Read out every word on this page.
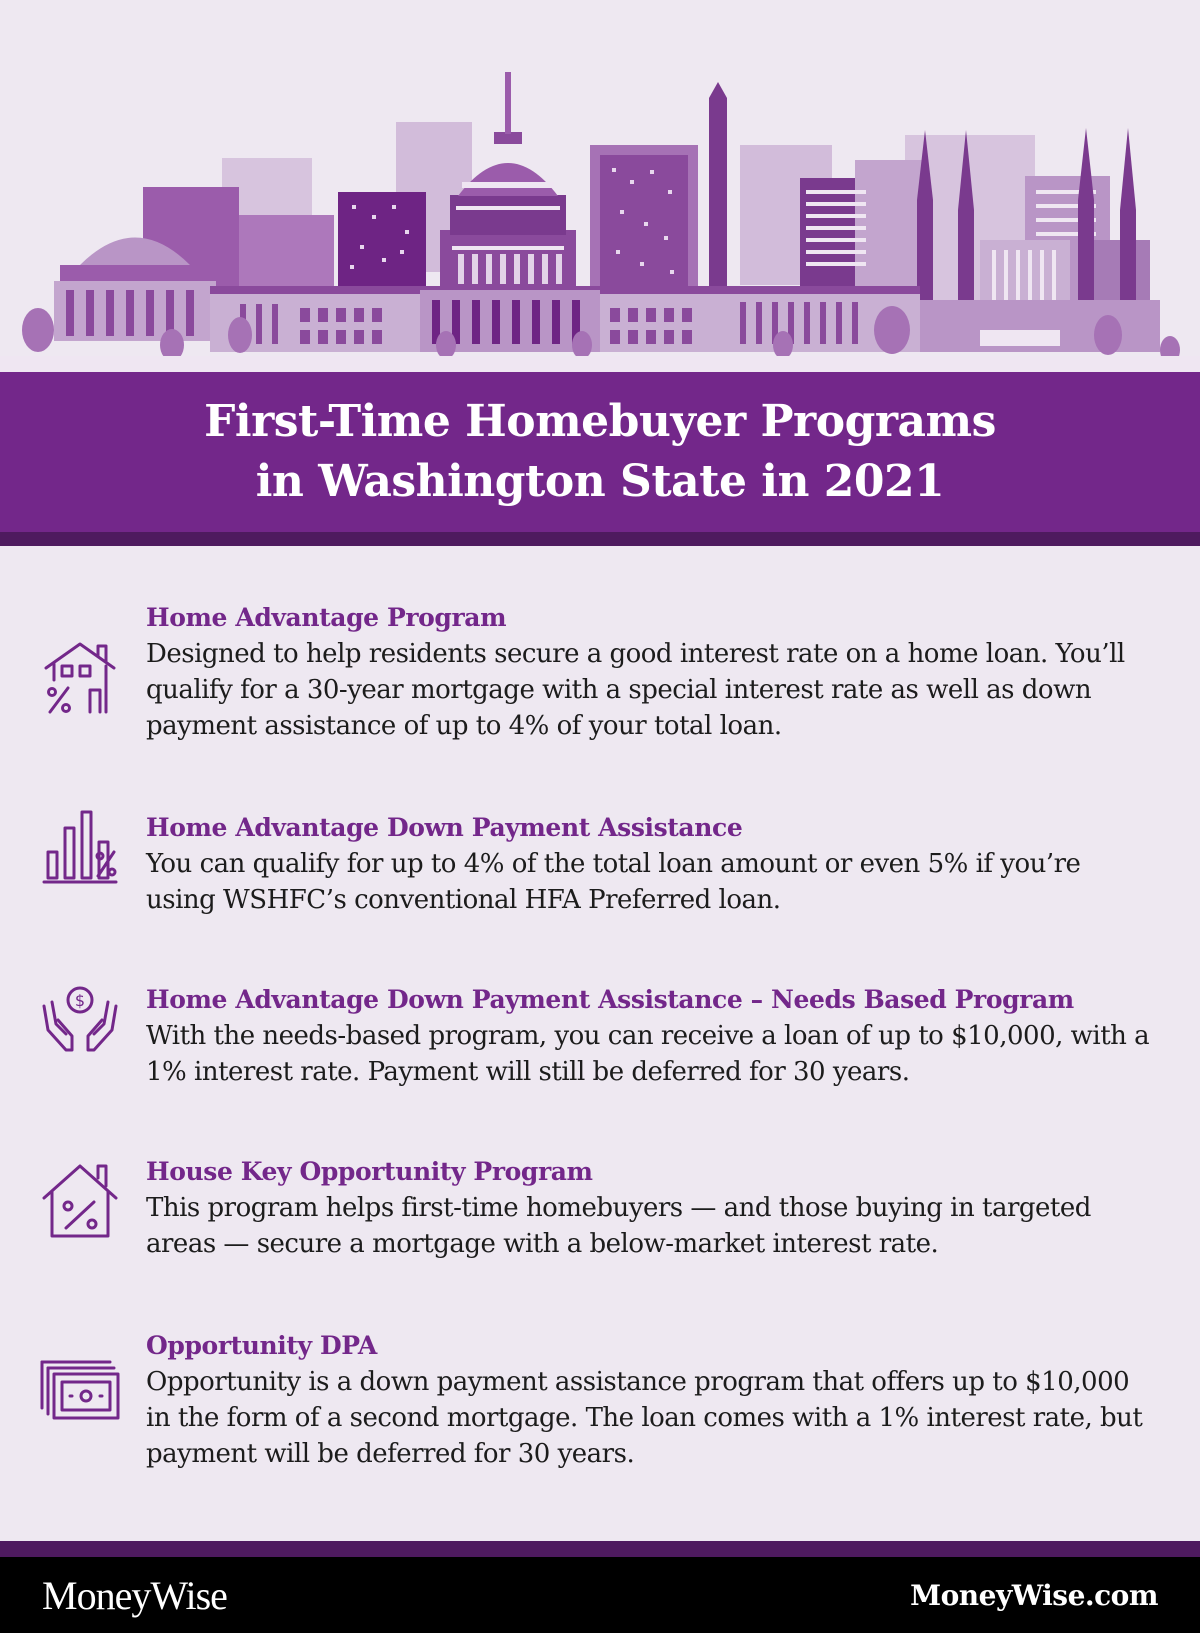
First-Time Homebuyer Programs
in Washington State in 2021
Home Advantage Program

Designed to help residents secure a good interest rate on a home loan. You’ll qualify for a 30-year mortgage with a special interest rate as well as down payment assistance of up to 4% of your total loan.

Home Advantage Down Payment Assistance

You can qualify for up to 4% of the total loan amount or even 5% if you’re using WSHFC’s conventional HFA Preferred loan.

$ Home Advantage Down Payment Assistance – Needs Based Program

With the needs-based program, you can receive a loan of up to $10,000, with a 1% interest rate. Payment will still be deferred for 30 years.

House Key Opportunity Program

This program helps first-time homebuyers — and those buying in targeted areas — secure a mortgage with a below-market interest rate.

Opportunity DPA

Opportunity is a down payment assistance program that offers up to $10,000 in the form of a second mortgage. The loan comes with a 1% interest rate, but payment will be deferred for 30 years.

MoneyWise	MoneyWise.com
